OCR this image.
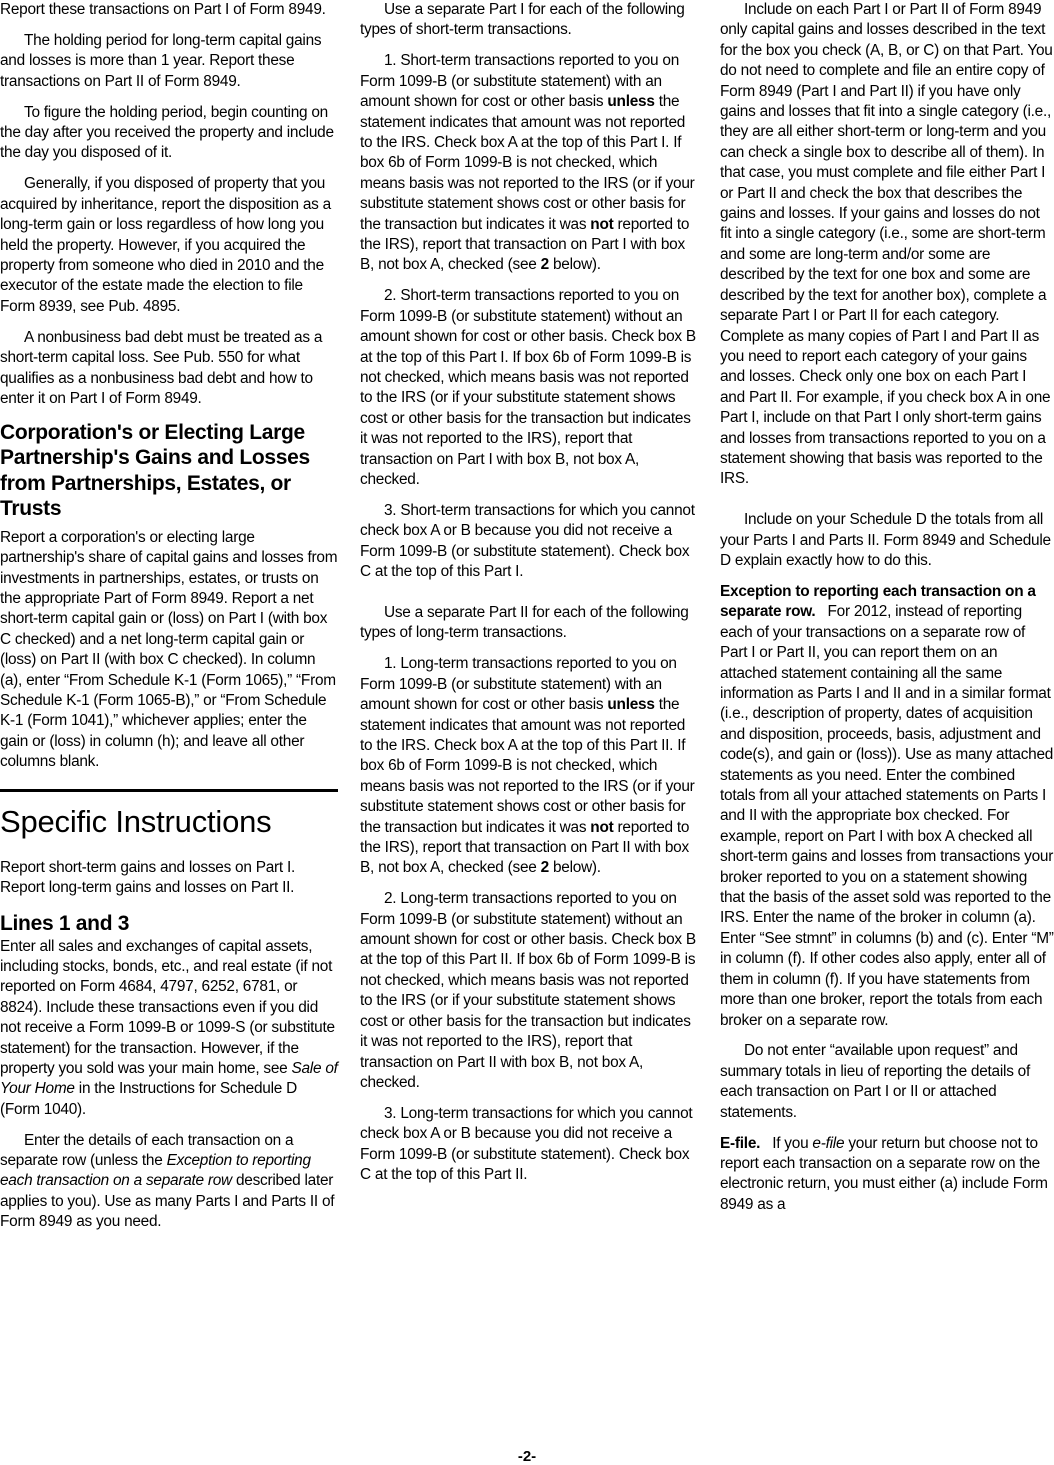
Report these transactions on Part I of Form 8949.

The holding period for long-term capital gains and losses is more than 1 year. Report these transactions on Part II of Form 8949.

To figure the holding period, begin counting on the day after you received the property and include the day you disposed of it.

Generally, if you disposed of property that you acquired by inheritance, report the disposition as a long-term gain or loss regardless of how long you held the property. However, if you acquired the property from someone who died in 2010 and the executor of the estate made the election to file Form 8939, see Pub. 4895.

A nonbusiness bad debt must be treated as a short-term capital loss. See Pub. 550 for what qualifies as a nonbusiness bad debt and how to enter it on Part I of Form 8949.

Corporation's or Electing Large Partnership's Gains and Losses from Partnerships, Estates, or Trusts

Report a corporation's or electing large partnership's share of capital gains and losses from investments in partnerships, estates, or trusts on the appropriate Part of Form 8949. Report a net short-term capital gain or (loss) on Part I (with box C checked) and a net long-term capital gain or (loss) on Part II (with box C checked). In column (a), enter “From Schedule K-1 (Form 1065),” “From Schedule K-1 (Form 1065-B),” or “From Schedule K-1 (Form 1041),” whichever applies; enter the gain or (loss) in column (h); and leave all other columns blank.

Specific Instructions

Report short-term gains and losses on Part I. Report long-term gains and losses on Part II.

Lines 1 and 3

Enter all sales and exchanges of capital assets, including stocks, bonds, etc., and real estate (if not reported on Form 4684, 4797, 6252, 6781, or 8824). Include these transactions even if you did not receive a Form 1099-B or 1099-S (or substitute statement) for the transaction. However, if the property you sold was your main home, see Sale of Your Home in the Instructions for Schedule D (Form 1040).

Enter the details of each transaction on a separate row (unless the Exception to reporting each transaction on a separate row described later applies to you). Use as many Parts I and Parts II of Form 8949 as you need.

Use a separate Part I for each of the following types of short-term transactions.

1. Short-term transactions reported to you on Form 1099-B (or substitute statement) with an amount shown for cost or other basis unless the statement indicates that amount was not reported to the IRS. Check box A at the top of this Part I. If box 6b of Form 1099-B is not checked, which means basis was not reported to the IRS (or if your substitute statement shows cost or other basis for the transaction but indicates it was not reported to the IRS), report that transaction on Part I with box B, not box A, checked (see 2 below).

2. Short-term transactions reported to you on Form 1099-B (or substitute statement) without an amount shown for cost or other basis. Check box B at the top of this Part I. If box 6b of Form 1099-B is not checked, which means basis was not reported to the IRS (or if your substitute statement shows cost or other basis for the transaction but indicates it was not reported to the IRS), report that transaction on Part I with box B, not box A, checked.

3. Short-term transactions for which you cannot check box A or B because you did not receive a Form 1099-B (or substitute statement). Check box C at the top of this Part I.

Use a separate Part II for each of the following types of long-term transactions.

1. Long-term transactions reported to you on Form 1099-B (or substitute statement) with an amount shown for cost or other basis unless the statement indicates that amount was not reported to the IRS. Check box A at the top of this Part II. If box 6b of Form 1099-B is not checked, which means basis was not reported to the IRS (or if your substitute statement shows cost or other basis for the transaction but indicates it was not reported to the IRS), report that transaction on Part II with box B, not box A, checked (see 2 below).

2. Long-term transactions reported to you on Form 1099-B (or substitute statement) without an amount shown for cost or other basis. Check box B at the top of this Part II. If box 6b of Form 1099-B is not checked, which means basis was not reported to the IRS (or if your substitute statement shows cost or other basis for the transaction but indicates it was not reported to the IRS), report that transaction on Part II with box B, not box A, checked.

3. Long-term transactions for which you cannot check box A or B because you did not receive a Form 1099-B (or substitute statement). Check box C at the top of this Part II.

Include on each Part I or Part II of Form 8949 only capital gains and losses described in the text for the box you check (A, B, or C) on that Part. You do not need to complete and file an entire copy of Form 8949 (Part I and Part II) if you have only gains and losses that fit into a single category (i.e., they are all either short-term or long-term and you can check a single box to describe all of them). In that case, you must complete and file either Part I or Part II and check the box that describes the gains and losses. If your gains and losses do not fit into a single category (i.e., some are short-term and some are long-term and/or some are described by the text for one box and some are described by the text for another box), complete a separate Part I or Part II for each category. Complete as many copies of Part I and Part II as you need to report each category of your gains and losses. Check only one box on each Part I and Part II. For example, if you check box A in one Part I, include on that Part I only short-term gains and losses from transactions reported to you on a statement showing that basis was reported to the IRS.

Include on your Schedule D the totals from all your Parts I and Parts II. Form 8949 and Schedule D explain exactly how to do this.

Exception to reporting each transaction on a separate row. For 2012, instead of reporting each of your transactions on a separate row of Part I or Part II, you can report them on an attached statement containing all the same information as Parts I and II and in a similar format (i.e., description of property, dates of acquisition and disposition, proceeds, basis, adjustment and code(s), and gain or (loss)). Use as many attached statements as you need. Enter the combined totals from all your attached statements on Parts I and II with the appropriate box checked. For example, report on Part I with box A checked all short-term gains and losses from transactions your broker reported to you on a statement showing that the basis of the asset sold was reported to the IRS. Enter the name of the broker in column (a). Enter “See stmnt” in columns (b) and (c). Enter “M” in column (f). If other codes also apply, enter all of them in column (f). If you have statements from more than one broker, report the totals from each broker on a separate row.

Do not enter “available upon request” and summary totals in lieu of reporting the details of each transaction on Part I or II or attached statements.

E-file. If you e-file your return but choose not to report each transaction on a separate row on the electronic return, you must either (a) include Form 8949 as a

-2-
